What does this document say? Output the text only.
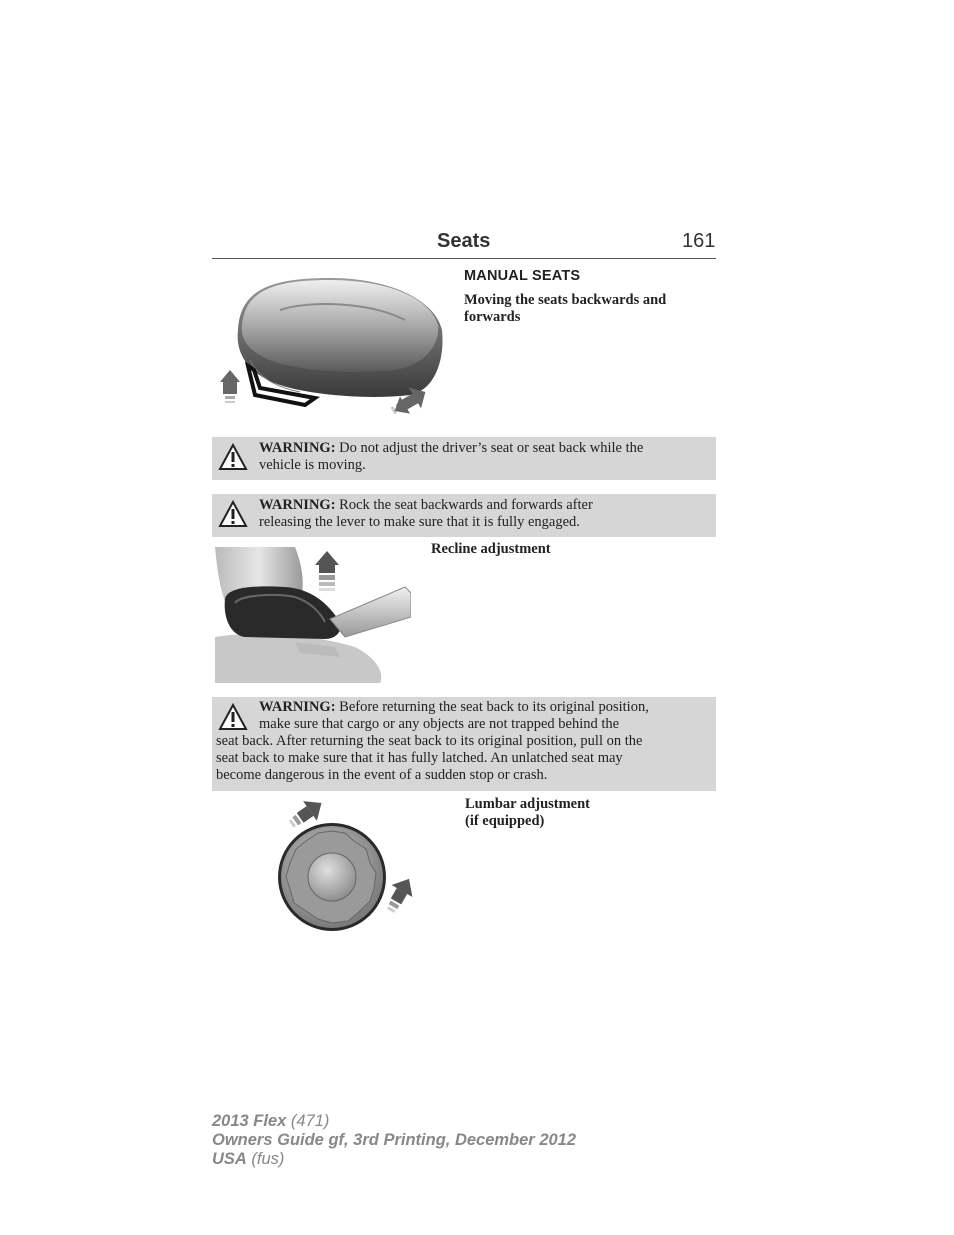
Seats	161
MANUAL SEATS
Moving the seats backwards and
forwards
WARNING: Do not adjust the driver’s seat or seat back while the
vehicle is moving.
WARNING: Rock the seat backwards and forwards after
releasing the lever to make sure that it is fully engaged.
Recline adjustment
WARNING: Before returning the seat back to its original position,
make sure that cargo or any objects are not trapped behind the
seat back. After returning the seat back to its original position, pull on the
seat back to make sure that it has fully latched. An unlatched seat may
become dangerous in the event of a sudden stop or crash.
Lumbar adjustment
(if equipped)
2013 Flex (471)
Owners Guide gf, 3rd Printing, December 2012
USA (fus)
